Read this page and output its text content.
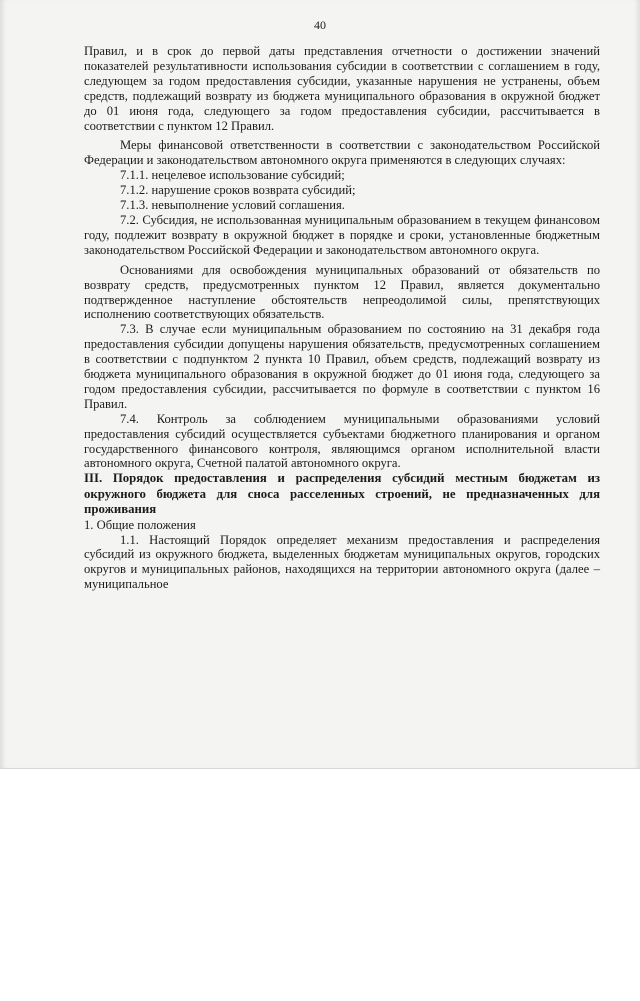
40

Правил, и в срок до первой даты представления отчетности о достижении значений показателей результативности использования субсидии в соответствии с соглашением в году, следующем за годом предоставления субсидии, указанные нарушения не устранены, объем средств, подлежащий возврату из бюджета муниципального образования в окружной бюджет до 01 июня года, следующего за годом предоставления субсидии, рассчитывается в соответствии с пунктом 12 Правил.

Меры финансовой ответственности в соответствии с законодательством Российской Федерации и законодательством автономного округа применяются в следующих случаях:

7.1.1. нецелевое использование субсидий;

7.1.2. нарушение сроков возврата субсидий;

7.1.3. невыполнение условий соглашения.

7.2. Субсидия, не использованная муниципальным образованием в текущем финансовом году, подлежит возврату в окружной бюджет в порядке и сроки, установленные бюджетным законодательством Российской Федерации и законодательством автономного округа.

Основаниями для освобождения муниципальных образований от обязательств по возврату средств, предусмотренных пунктом 12 Правил, является документально подтвержденное наступление обстоятельств непреодолимой силы, препятствующих исполнению соответствующих обязательств.

7.3. В случае если муниципальным образованием по состоянию на 31 декабря года предоставления субсидии допущены нарушения обязательств, предусмотренных соглашением в соответствии с подпунктом 2 пункта 10 Правил, объем средств, подлежащий возврату из бюджета муниципального образования в окружной бюджет до 01 июня года, следующего за годом предоставления субсидии, рассчитывается по формуле в соответствии с пунктом 16 Правил.

7.4. Контроль за соблюдением муниципальными образованиями условий предоставления субсидий осуществляется субъектами бюджетного планирования и органом государственного финансового контроля, являющимся органом исполнительной власти автономного округа, Счетной палатой автономного округа.

III. Порядок предоставления и распределения субсидий местным бюджетам из окружного бюджета для сноса расселенных строений, не предназначенных для проживания

1. Общие положения

1.1. Настоящий Порядок определяет механизм предоставления и распределения субсидий из окружного бюджета, выделенных бюджетам муниципальных округов, городских округов и муниципальных районов, находящихся на территории автономного округа (далее – муниципальное
